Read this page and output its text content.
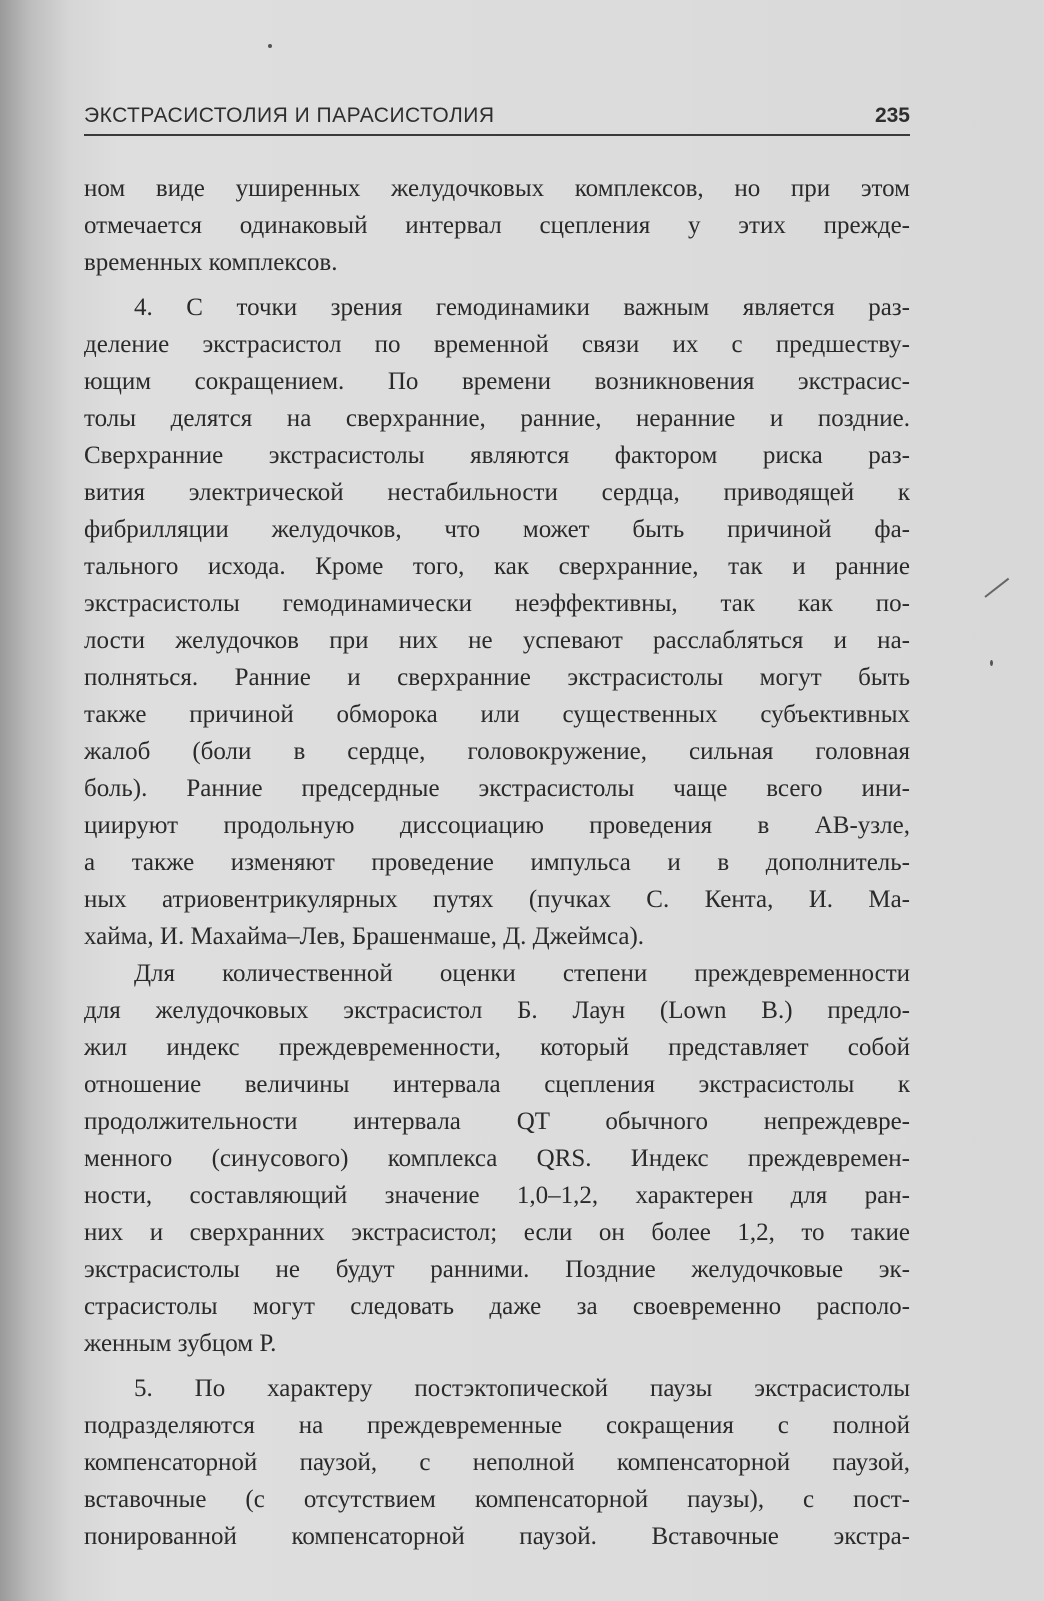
ЭКСТРАСИСТОЛИЯ И ПАРАСИСТОЛИЯ	235
ном виде уширенных желудочковых комплексов, но при этом
отмечается одинаковый интервал сцепления у этих прежде-
временных комплексов.
4. С точки зрения гемодинамики важным является раз-
деление экстрасистол по временной связи их с предшеству-
ющим сокращением. По времени возникновения экстрасис-
толы делятся на сверхранние, ранние, неранние и поздние.
Сверхранние экстрасистолы являются фактором риска раз-
вития электрической нестабильности сердца, приводящей к
фибрилляции желудочков, что может быть причиной фа-
тального исхода. Кроме того, как сверхранние, так и ранние
экстрасистолы гемодинамически неэффективны, так как по-
лости желудочков при них не успевают расслабляться и на-
полняться. Ранние и сверхранние экстрасистолы могут быть
также причиной обморока или существенных субъективных
жалоб (боли в сердце, головокружение, сильная головная
боль). Ранние предсердные экстрасистолы чаще всего ини-
циируют продольную диссоциацию проведения в АВ-узле,
а также изменяют проведение импульса и в дополнитель-
ных атриовентрикулярных путях (пучках С. Кента, И. Ма-
хайма, И. Махайма–Лев, Брашенмаше, Д. Джеймса).
Для количественной оценки степени преждевременности
для желудочковых экстрасистол Б. Лаун (Lown B.) предло-
жил индекс преждевременности, который представляет собой
отношение величины интервала сцепления экстрасистолы к
продолжительности интервала QT обычного непреждевре-
менного (синусового) комплекса QRS. Индекс преждевремен-
ности, составляющий значение 1,0–1,2, характерен для ран-
них и сверхранних экстрасистол; если он более 1,2, то такие
экстрасистолы не будут ранними. Поздние желудочковые эк-
страсистолы могут следовать даже за своевременно располо-
женным зубцом Р.
5. По характеру постэктопической паузы экстрасистолы
подразделяются на преждевременные сокращения с полной
компенсаторной паузой, с неполной компенсаторной паузой,
вставочные (с отсутствием компенсаторной паузы), с пост-
понированной компенсаторной паузой. Вставочные экстра-
